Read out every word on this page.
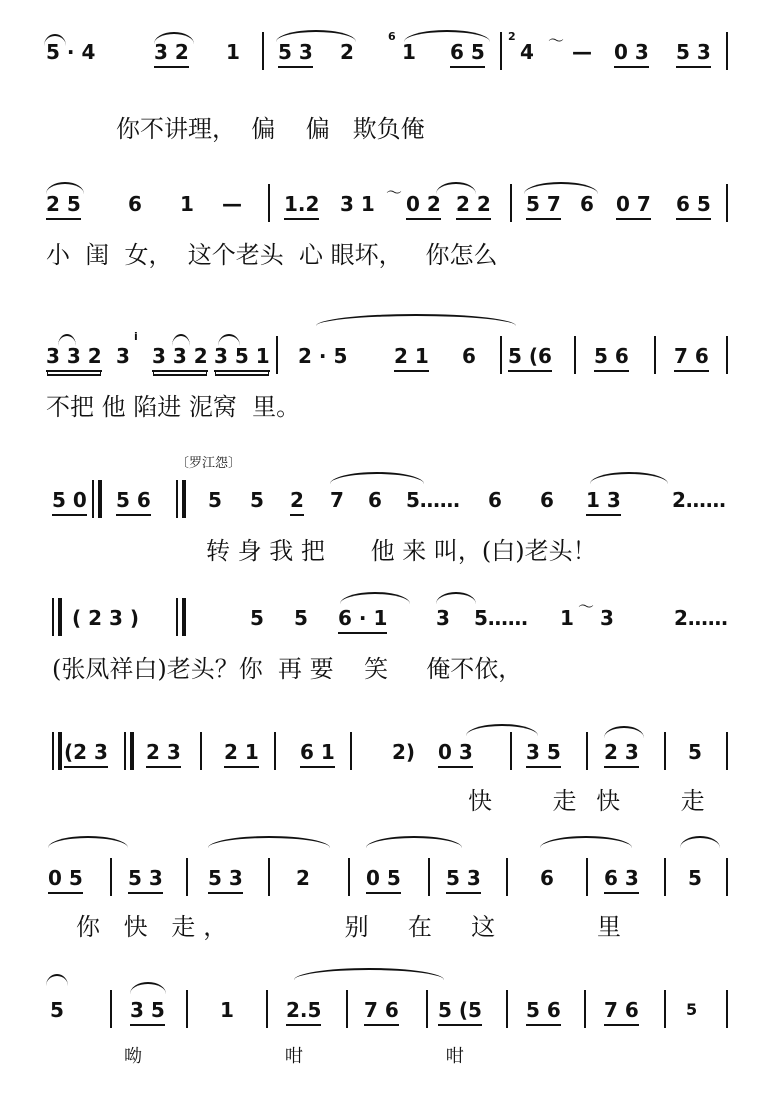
5 · 4	3 2 1 5 3 2
6
1 6 5
2
4 〜 — 0 3 5 3
你不讲理，  偏    偏   欺负俺
2 5 6 1 — 1.2 3 1 〜 0 2 2 2 5 7 6 0 7 6 5
小  闺  女，  这个老头  心 眼坏，   你怎么
3 3 2 3
i
3 3 2 3 5 1 2 · 5 2 1 6 5 (6 5 6 7 6
不把 他 陷进 泥窝  里。
〔罗江怨〕
5 0 5 6	5 5 2 7 6 5…… 6 6 1 3	2……
转 身 我 把      他 来 叫，(白)老头！
( 2 3 )	5 5 6 · 1 3 5…… 1 〜 3	2……
(张凤祥白)老头？你  再 要    笑     俺不依，
(2 3 2 3 2 1 6 1	2) 0 3	3 5 2 3 5
快    走 快    走
0 5 5 3 5 3	2	0 5 5 3	6	6 3 5
你 快 走，       别  在  这      里
5	3 5	1	2.5 7 6 5 (5 5 6 7 6	5
呦    咁    咁
